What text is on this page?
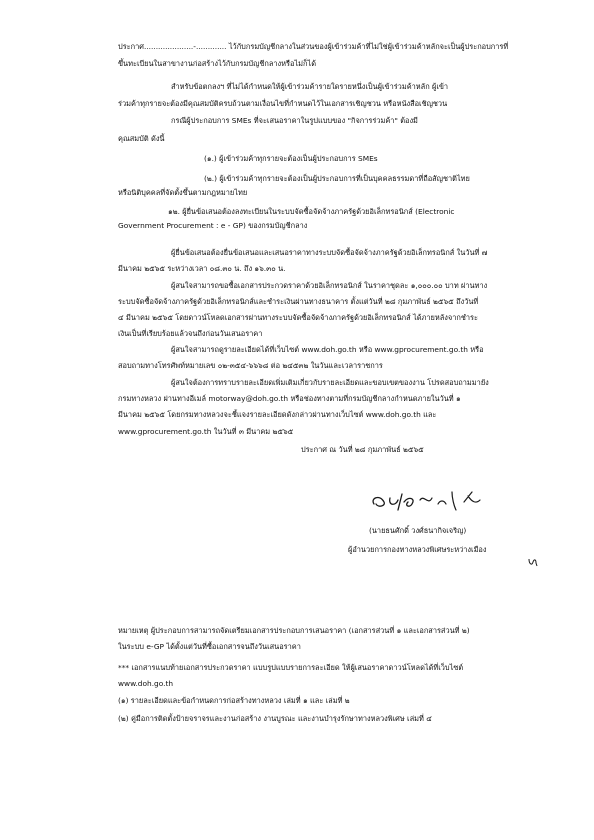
ประกาศ.....................-............. ไว้กับกรมบัญชีกลางในส่วนของผู้เข้าร่วมค้าที่ไม่ใช่ผู้เข้าร่วมค้าหลักจะเป็นผู้ประกอบการที่
ขึ้นทะเบียนในสาขางานก่อสร้างไว้กับกรมบัญชีกลางหรือไม่ก็ได้
สำหรับข้อตกลงฯ ที่ไม่ได้กำหนดให้ผู้เข้าร่วมค้ารายใดรายหนึ่งเป็นผู้เข้าร่วมค้าหลัก ผู้เข้า
ร่วมค้าทุกรายจะต้องมีคุณสมบัติครบถ้วนตามเงื่อนไขที่กำหนดไว้ในเอกสารเชิญชวน หรือหนังสือเชิญชวน
กรณีผู้ประกอบการ SMEs ที่จะเสนอราคาในรูปแบบของ "กิจการร่วมค้า" ต้องมี
คุณสมบัติ ดังนี้
(๑.) ผู้เข้าร่วมค้าทุกรายจะต้องเป็นผู้ประกอบการ SMEs
(๒.) ผู้เข้าร่วมค้าทุกรายจะต้องเป็นผู้ประกอบการที่เป็นบุคคลธรรมดาที่ถือสัญชาติไทย
หรือนิติบุคคลที่จัดตั้งขึ้นตามกฎหมายไทย
๑๒. ผู้ยื่นข้อเสนอต้องลงทะเบียนในระบบจัดซื้อจัดจ้างภาครัฐด้วยอิเล็กทรอนิกส์ (Electronic
Government Procurement : e - GP) ของกรมบัญชีกลาง
ผู้ยื่นข้อเสนอต้องยื่นข้อเสนอและเสนอราคาทางระบบจัดซื้อจัดจ้างภาครัฐด้วยอิเล็กทรอนิกส์ ในวันที่ ๗
มีนาคม ๒๕๖๕ ระหว่างเวลา ๐๘.๓๐ น. ถึง ๑๖.๓๐ น.
ผู้สนใจสามารถขอซื้อเอกสารประกวดราคาด้วยอิเล็กทรอนิกส์ ในราคาชุดละ ๑,๐๐๐.๐๐ บาท ผ่านทาง
ระบบจัดซื้อจัดจ้างภาครัฐด้วยอิเล็กทรอนิกส์และชำระเงินผ่านทางธนาคาร ตั้งแต่วันที่ ๒๘ กุมภาพันธ์ ๒๕๖๕ ถึงวันที่
๔ มีนาคม ๒๕๖๕ โดยดาวน์โหลดเอกสารผ่านทางระบบจัดซื้อจัดจ้างภาครัฐด้วยอิเล็กทรอนิกส์ ได้ภายหลังจากชำระ
เงินเป็นที่เรียบร้อยแล้วจนถึงก่อนวันเสนอราคา
ผู้สนใจสามารถดูรายละเอียดได้ที่เว็บไซต์ www.doh.go.th หรือ www.gprocurement.go.th หรือ
สอบถามทางโทรศัพท์หมายเลข ๐๒-๓๕๔-๖๖๖๘ ต่อ ๒๔๕๓๒ ในวันและเวลาราชการ
ผู้สนใจต้องการทราบรายละเอียดเพิ่มเติมเกี่ยวกับรายละเอียดและขอบเขตของงาน โปรดสอบถามมายัง
กรมทางหลวง ผ่านทางอีเมล์ motorway@doh.go.th หรือช่องทางตามที่กรมบัญชีกลางกำหนดภายในวันที่ ๑
มีนาคม ๒๕๖๕ โดยกรมทางหลวงจะชี้แจงรายละเอียดดังกล่าวผ่านทางเว็บไซต์ www.doh.go.th และ
www.gprocurement.go.th ในวันที่ ๓ มีนาคม ๒๕๖๕
ประกาศ ณ วันที่ ๒๘ กุมภาพันธ์ ๒๕๖๕
(นายธนศักดิ์ วงศ์ธนากิจเจริญ)
ผู้อำนวยการกองทางหลวงพิเศษระหว่างเมือง
หมายเหตุ ผู้ประกอบการสามารถจัดเตรียมเอกสารประกอบการเสนอราคา (เอกสารส่วนที่ ๑ และเอกสารส่วนที่ ๒)
ในระบบ e-GP ได้ตั้งแต่วันที่ซื้อเอกสารจนถึงวันเสนอราคา
*** เอกสารแนบท้ายเอกสารประกวดราคา แบบรูปแบบรายการละเอียด ให้ผู้เสนอราคาดาวน์โหลดได้ที่เว็บไซต์
www.doh.go.th
(๑) รายละเอียดและข้อกำหนดการก่อสร้างทางหลวง เล่มที่ ๑ และ เล่มที่ ๒
(๒) คู่มือการติดตั้งป้ายจราจรและงานก่อสร้าง งานบูรณะ และงานบำรุงรักษาทางหลวงพิเศษ เล่มที่ ๔
